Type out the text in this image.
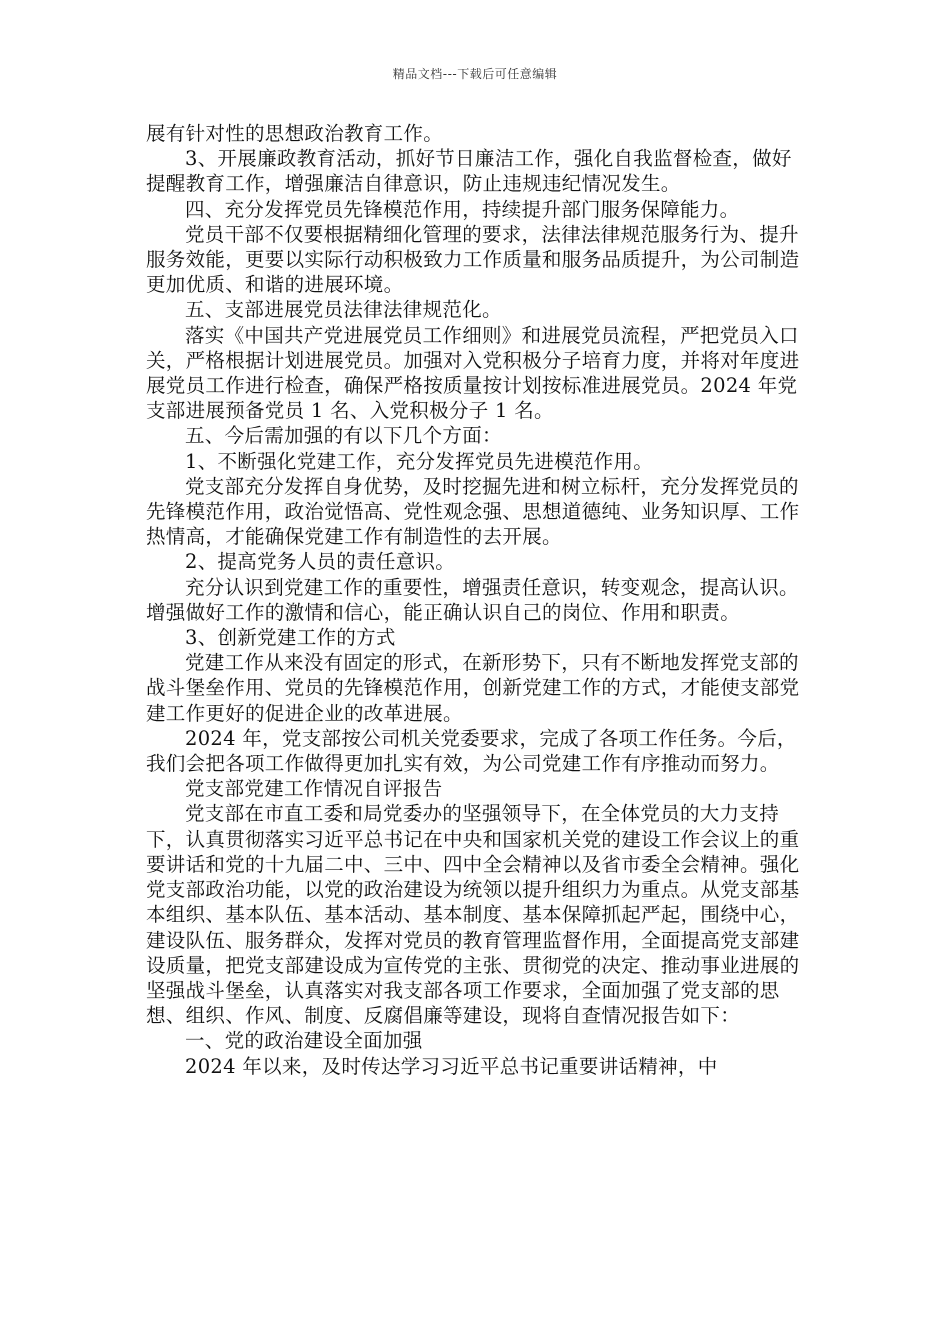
精品文档---下载后可任意编辑

展有针对性的思想政治教育工作。

3、开展廉政教育活动，抓好节日廉洁工作，强化自我监督检查，做好提醒教育工作，增强廉洁自律意识，防止违规违纪情况发生。

四、充分发挥党员先锋模范作用，持续提升部门服务保障能力。

党员干部不仅要根据精细化管理的要求，法律法律规范服务行为、提升服务效能，更要以实际行动积极致力工作质量和服务品质提升，为公司制造更加优质、和谐的进展环境。

五、支部进展党员法律法律规范化。

落实《中国共产党进展党员工作细则》和进展党员流程，严把党员入口关，严格根据计划进展党员。加强对入党积极分子培育力度，并将对年度进展党员工作进行检查，确保严格按质量按计划按标准进展党员。2024 年党支部进展预备党员 1 名、入党积极分子 1 名。

五、今后需加强的有以下几个方面：

1、不断强化党建工作，充分发挥党员先进模范作用。

党支部充分发挥自身优势，及时挖掘先进和树立标杆，充分发挥党员的先锋模范作用，政治觉悟高、党性观念强、思想道德纯、业务知识厚、工作热情高，才能确保党建工作有制造性的去开展。

2、提高党务人员的责任意识。

充分认识到党建工作的重要性，增强责任意识，转变观念，提高认识。增强做好工作的激情和信心，能正确认识自己的岗位、作用和职责。

3、创新党建工作的方式

党建工作从来没有固定的形式，在新形势下，只有不断地发挥党支部的战斗堡垒作用、党员的先锋模范作用，创新党建工作的方式，才能使支部党建工作更好的促进企业的改革进展。

2024 年，党支部按公司机关党委要求，完成了各项工作任务。今后，我们会把各项工作做得更加扎实有效，为公司党建工作有序推动而努力。

党支部党建工作情况自评报告

党支部在市直工委和局党委办的坚强领导下，在全体党员的大力支持下，认真贯彻落实习近平总书记在中央和国家机关党的建设工作会议上的重要讲话和党的十九届二中、三中、四中全会精神以及省市委全会精神。强化党支部政治功能，以党的政治建设为统领以提升组织力为重点。从党支部基本组织、基本队伍、基本活动、基本制度、基本保障抓起严起，围绕中心，建设队伍、服务群众，发挥对党员的教育管理监督作用，全面提高党支部建设质量，把党支部建设成为宣传党的主张、贯彻党的决定、推动事业进展的坚强战斗堡垒，认真落实对我支部各项工作要求，全面加强了党支部的思想、组织、作风、制度、反腐倡廉等建设，现将自查情况报告如下：

一、党的政治建设全面加强

2024 年以来，及时传达学习习近平总书记重要讲话精神，中
